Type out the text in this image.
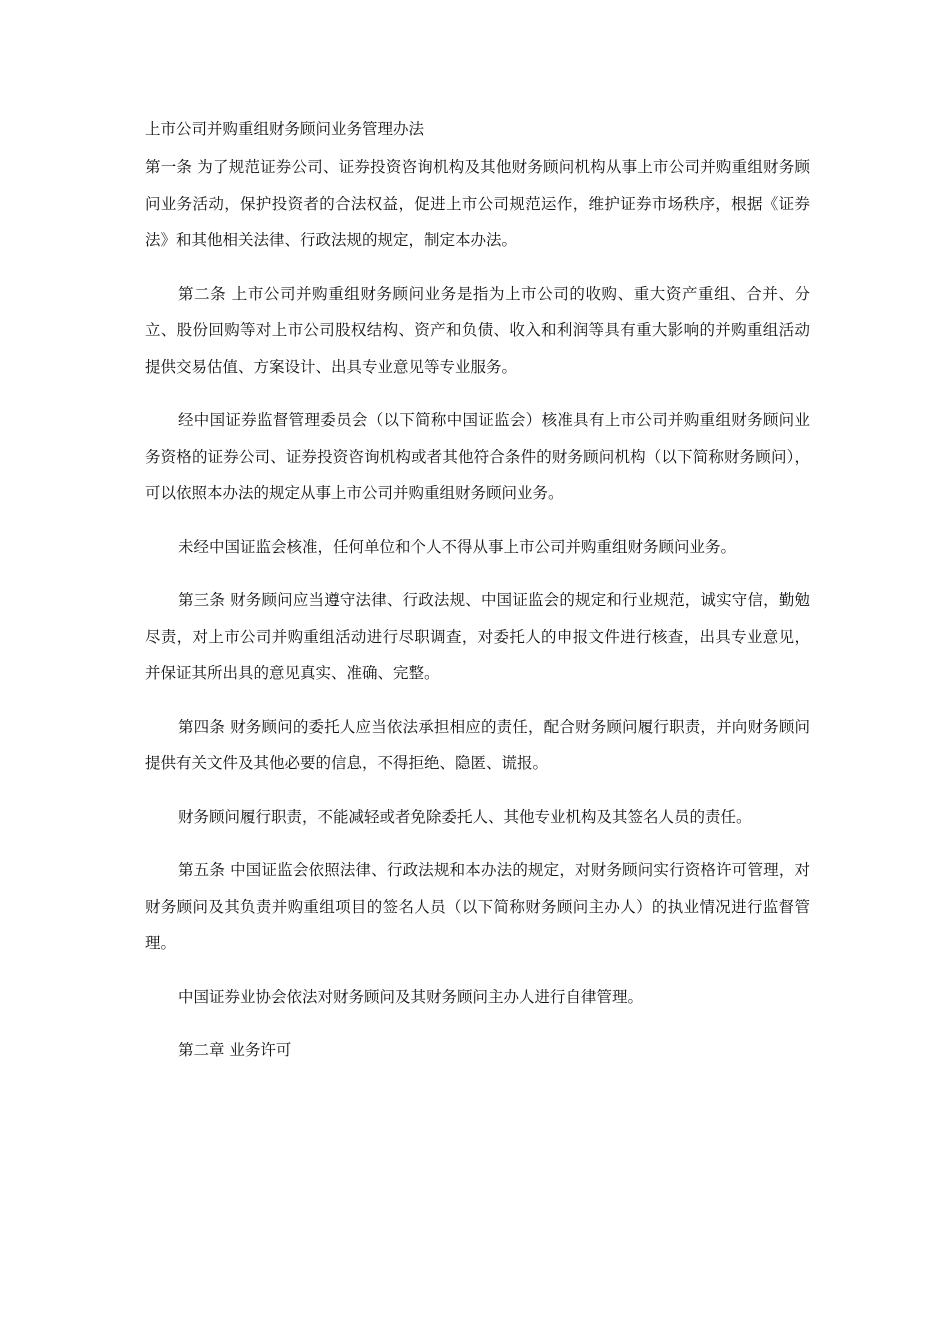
上市公司并购重组财务顾问业务管理办法

第一条 为了规范证券公司、证券投资咨询机构及其他财务顾问机构从事上市公司并购重组财务顾问业务活动，保护投资者的合法权益，促进上市公司规范运作，维护证券市场秩序，根据《证券法》和其他相关法律、行政法规的规定，制定本办法。

第二条 上市公司并购重组财务顾问业务是指为上市公司的收购、重大资产重组、合并、分立、股份回购等对上市公司股权结构、资产和负债、收入和利润等具有重大影响的并购重组活动提供交易估值、方案设计、出具专业意见等专业服务。

经中国证券监督管理委员会（以下简称中国证监会）核准具有上市公司并购重组财务顾问业务资格的证券公司、证券投资咨询机构或者其他符合条件的财务顾问机构（以下简称财务顾问），可以依照本办法的规定从事上市公司并购重组财务顾问业务。

未经中国证监会核准，任何单位和个人不得从事上市公司并购重组财务顾问业务。

第三条 财务顾问应当遵守法律、行政法规、中国证监会的规定和行业规范，诚实守信，勤勉尽责，对上市公司并购重组活动进行尽职调查，对委托人的申报文件进行核查，出具专业意见，并保证其所出具的意见真实、准确、完整。

第四条 财务顾问的委托人应当依法承担相应的责任，配合财务顾问履行职责，并向财务顾问提供有关文件及其他必要的信息，不得拒绝、隐匿、谎报。

财务顾问履行职责，不能减轻或者免除委托人、其他专业机构及其签名人员的责任。

第五条 中国证监会依照法律、行政法规和本办法的规定，对财务顾问实行资格许可管理，对财务顾问及其负责并购重组项目的签名人员（以下简称财务顾问主办人）的执业情况进行监督管理。

中国证券业协会依法对财务顾问及其财务顾问主办人进行自律管理。

第二章 业务许可
